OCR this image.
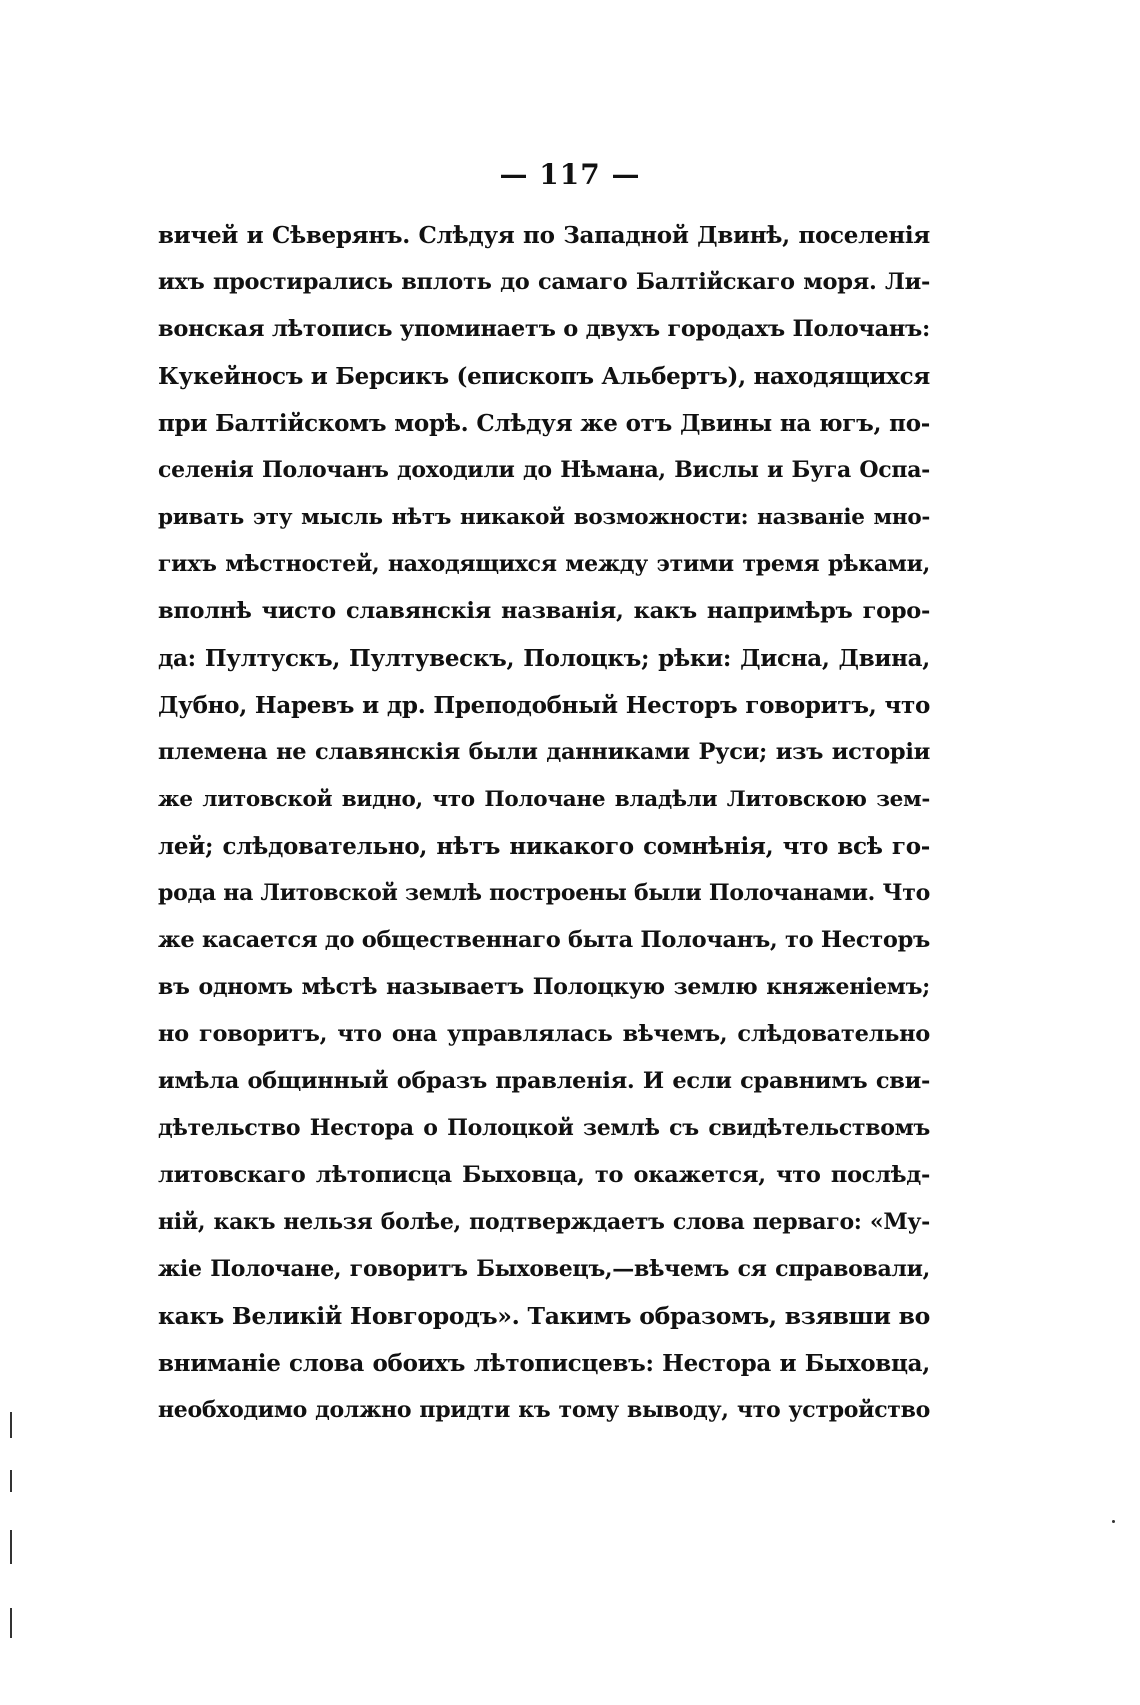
— 117 —
вичей и Сѣверянъ. Слѣдуя по Западной Двинѣ, поселенія
ихъ простирались вплоть до самаго Балтійскаго моря. Ли-
вонская лѣтопись упоминаетъ о двухъ городахъ Полочанъ:
Кукейносъ и Берсикъ (епископъ Альбертъ), находящихся
при Балтійскомъ морѣ. Слѣдуя же отъ Двины на югъ, по-
селенія Полочанъ доходили до Нѣмана, Вислы и Буга Оспа-
ривать эту мысль нѣтъ никакой возможности: названіе мно-
гихъ мѣстностей, находящихся между этими тремя рѣками,
вполнѣ чисто славянскія названія, какъ напримѣръ горо-
да: Пултускъ, Пултувескъ, Полоцкъ; рѣки: Дисна, Двина,
Дубно, Наревъ и др. Преподобный Несторъ говоритъ, что
племена не славянскія были данниками Руси; изъ исторіи
же литовской видно, что Полочане владѣли Литовскою зем-
лей; слѣдовательно, нѣтъ никакого сомнѣнія, что всѣ го-
рода на Литовской землѣ построены были Полочанами. Что
же касается до общественнаго быта Полочанъ, то Несторъ
въ одномъ мѣстѣ называетъ Полоцкую землю княженіемъ;
но говоритъ, что она управлялась вѣчемъ, слѣдовательно
имѣла общинный образъ правленія. И если сравнимъ сви-
дѣтельство Нестора о Полоцкой землѣ съ свидѣтельствомъ
литовскаго лѣтописца Быховца, то окажется, что послѣд-
ній, какъ нельзя болѣе, подтверждаетъ слова перваго: «Му-
жіе Полочане, говоритъ Быховецъ,—вѣчемъ ся справовали,
какъ Великій Новгородъ». Такимъ образомъ, взявши во
вниманіе слова обоихъ лѣтописцевъ: Нестора и Быховца,
необходимо должно придти къ тому выводу, что устройство
